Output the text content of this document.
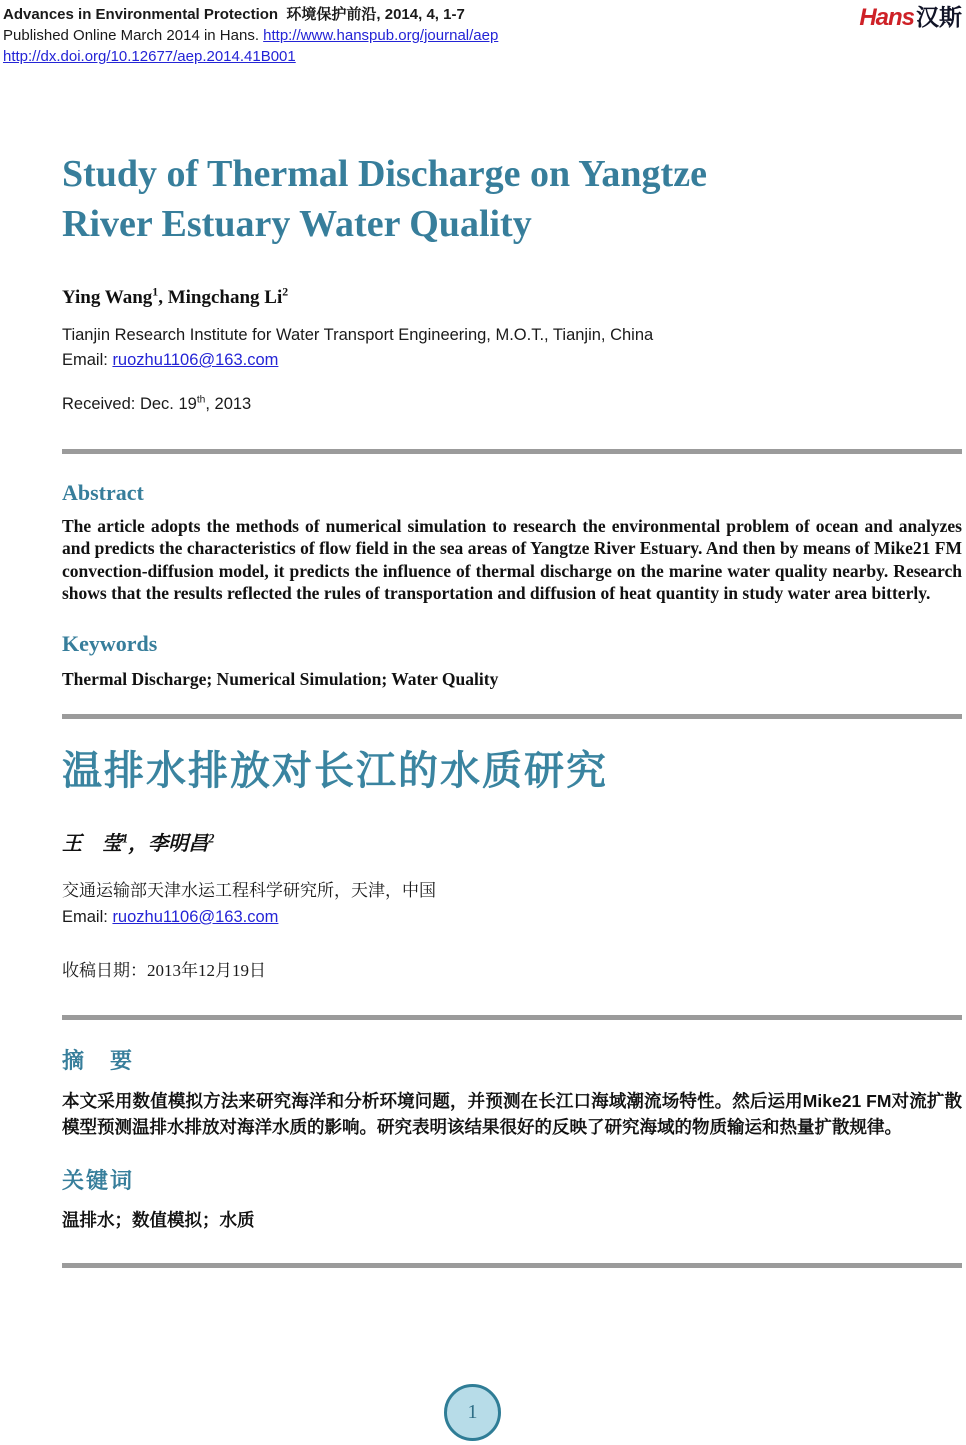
Advances in Environmental Protection 环境保护前沿, 2014, 4, 1-7
Published Online March 2014 in Hans. http://www.hanspub.org/journal/aep
http://dx.doi.org/10.12677/aep.2014.41B001
Hans汉斯
Study of Thermal Discharge on Yangtze
River Estuary Water Quality
Ying Wang$^1$, Mingchang Li$^2$
Tianjin Research Institute for Water Transport Engineering, M.O.T., Tianjin, China
Email: ruozhu1106@163.com
Received: Dec. 19th, 2013
Abstract

The article adopts the methods of numerical simulation to research the environmental problem of ocean and analyzes and predicts the characteristics of flow field in the sea areas of Yangtze River Estuary. And then by means of Mike21 FM convection-diffusion model, it predicts the influence of thermal discharge on the marine water quality nearby. Research shows that the results reflected the rules of transportation and diffusion of heat quantity in study water area bitterly.

Keywords

Thermal Discharge; Numerical Simulation; Water Quality

温排水排放对长江的水质研究
王　莹$^1$，李明昌$^2$
交通运输部天津水运工程科学研究所，天津，中国
Email: ruozhu1106@163.com
收稿日期：2013年12月19日
摘　要

本文采用数值模拟方法来研究海洋和分析环境问题，并预测在长江口海域潮流场特性。然后运用Mike21 FM对流扩散模型预测温排水排放对海洋水质的影响。研究表明该结果很好的反映了研究海域的物质输运和热量扩散规律。

关键词

温排水；数值模拟；水质

1
